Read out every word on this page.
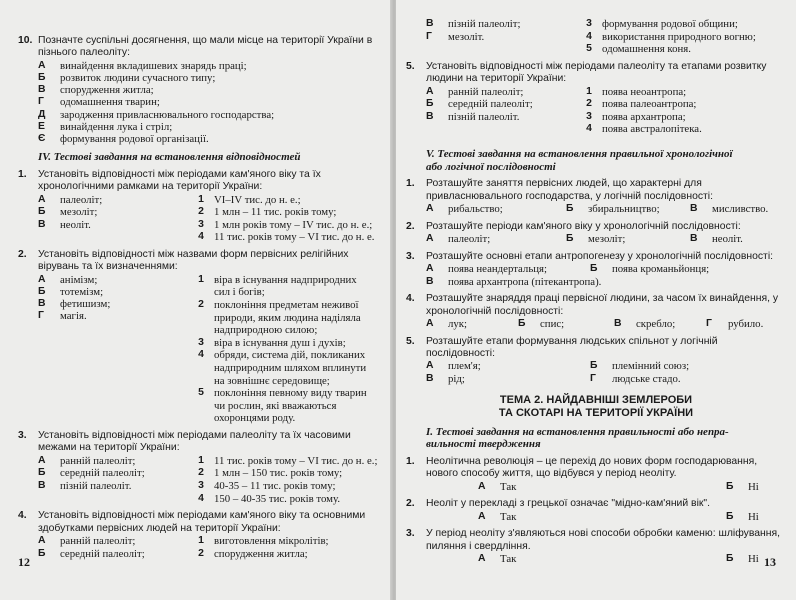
10. Позначте суспільні досягнення, що мали місце на території України в пізнього палеоліту:
А	винайдення вкладишевих знарядь праці;
Б	розвиток людини сучасного типу;
В	спорудження житла;
Г	одомашнення тварин;
Д	зародження привласнювального господарства;
Е	винайдення лука і стріл;
Є	формування родової організації.
IV. Тестові завдання на встановлення відповідностей
1.	Установіть відповідності між періодами кам'яного віку та їх хронологічними рамками на території України:
А	палеоліт;	1 VI–IV тис. до н. е.;
Б	мезоліт;	2 1 млн – 11 тис. років тому;
В	неоліт.	3 1 млн років тому – IV тис. до н. е.;
4 11 тис. років тому – VI тис. до н. е.
2.	Установіть відповідності між назвами форм первісних релігійних вірувань та їх визначеннями:
А	анімізм;
Б	тотемізм;
В	фетишизм;
Г	магія.
1 віра в існування надприродних
сил і богів;
2 поклоніння предметам неживої
природи, яким людина наділяла
надприродною силою;
3 віра в існування душ і духів;
4 обряди, система дій, покликаних
надприродним шляхом вплинути
на зовнішнє середовище;
5 поклоніння певному виду тварин
чи рослин, які вважаються охоронцями роду.
3.	Установіть відповідності між періодами палеоліту та їх часовими межами на території України:
А	ранній палеоліт;	1 11 тис. років тому – VI тис. до н. е.;
Б	середній палеоліт;	2 1 млн – 150 тис. років тому;
В	пізній палеоліт.	3 40-35 – 11 тис. років тому;
4 150 – 40-35 тис. років тому.
4.	Установіть відповідності між періодами кам'яного віку та основними здобутками первісних людей на території України:
А	ранній палеоліт;	1 виготовлення мікролітів;
Б	середній палеоліт;	2 спорудження житла;
12
В	пізній палеоліт;	3 формування родової общини;
Г	мезоліт.	4 використання природного вогню;
5 одомашнення коня.
5.	Установіть відповідності між періодами палеоліту та етапами розвитку людини на території України:
А	ранній палеоліт;	1 поява неоантропа;
Б	середній палеоліт;	2 поява палеоантропа;
В	пізній палеоліт.	3 поява архантропа;
4 поява австралопітека.
V. Тестові завдання на встановлення правильної хронологічної
або логічної послідовності
1.	Розташуйте заняття первісних людей, що характерні для привласнювального господарства, у логічній послідовності:
А	рибальство;	Б	збиральництво;	В	мисливство.
2.	Розташуйте періоди кам'яного віку у хронологічній послідовності:
А	палеоліт;	Б	мезоліт;	В	неоліт.
3.	Розташуйте основні етапи антропогенезу у хронологічній послідовності:
А	поява неандертальця;	Б	поява кроманьйонця;
В	поява архантропа (пітекантропа).
4.	Розташуйте знаряддя праці первісної людини, за часом їх винайдення, у хронологічній послідовності:
А	лук;	Б	спис;	В	скребло;	Г	рубило.
5.	Розташуйте етапи формування людських спільнот у логічній послідовності:
А	плем'я;	Б	племінний союз;
В	рід;	Г	людське стадо.
ТЕМА 2. НАЙДАВНІШІ ЗЕМЛЕРОБИ
ТА СКОТАРІ НА ТЕРИТОРІЇ УКРАЇНИ
I. Тестові завдання на встановлення правильності або непра-
вильності твердження
1.	Неолітична революція – це перехід до нових форм господарювання, нового способу життя, що відбувся у період неоліту.
А	Так	Б	Ні
2.	Неоліт у перекладі з грецької означає "мідно-кам'яний вік".
А	Так	Б	Ні
3.	У період неоліту з'являються нові способи обробки каменю: шліфування, пиляння і свердління.
А	Так	Б	Ні 13
